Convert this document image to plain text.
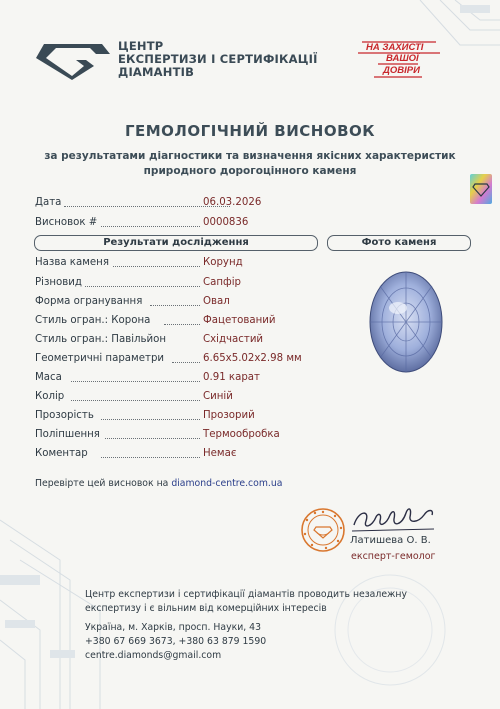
ЦЕНТР
ЕКСПЕРТИЗИ І СЕРТИФІКАЦІЇ
ДІАМАНТІВ
НА ЗАХИСТІ
ВАШОЇ
ДОВІРИ
ГЕМОЛОГІЧНИЙ ВИСНОВОК
за результатами діагностики та визначення якісних характеристик
природного дорогоцінного каменя
Дата	06.03.2026
Висновок #	0000836
Результати дослідження	Фото каменя
Назва каменя	Корунд
Різновид	Сапфір
Форма огранування	Овал
Стиль огран.: Корона	Фацетований
Стиль огран.: Павільйон	Східчастий
Геометричні параметри	6.65x5.02x2.98 мм
Маса	0.91 карат
Колір	Синій
Прозорість	Прозорий
Поліпшення	Термообробка
Коментар	Немає
Перевірте цей висновок на diamond-centre.com.ua
Латишева О. В.
експерт-гемолог
Центр експертизи і сертифікації діамантів проводить незалежну
експертизу і є вільним від комерційних інтересів
Україна, м. Харків, просп. Науки, 43
+380 67 669 3673, +380 63 879 1590
centre.diamonds@gmail.com
